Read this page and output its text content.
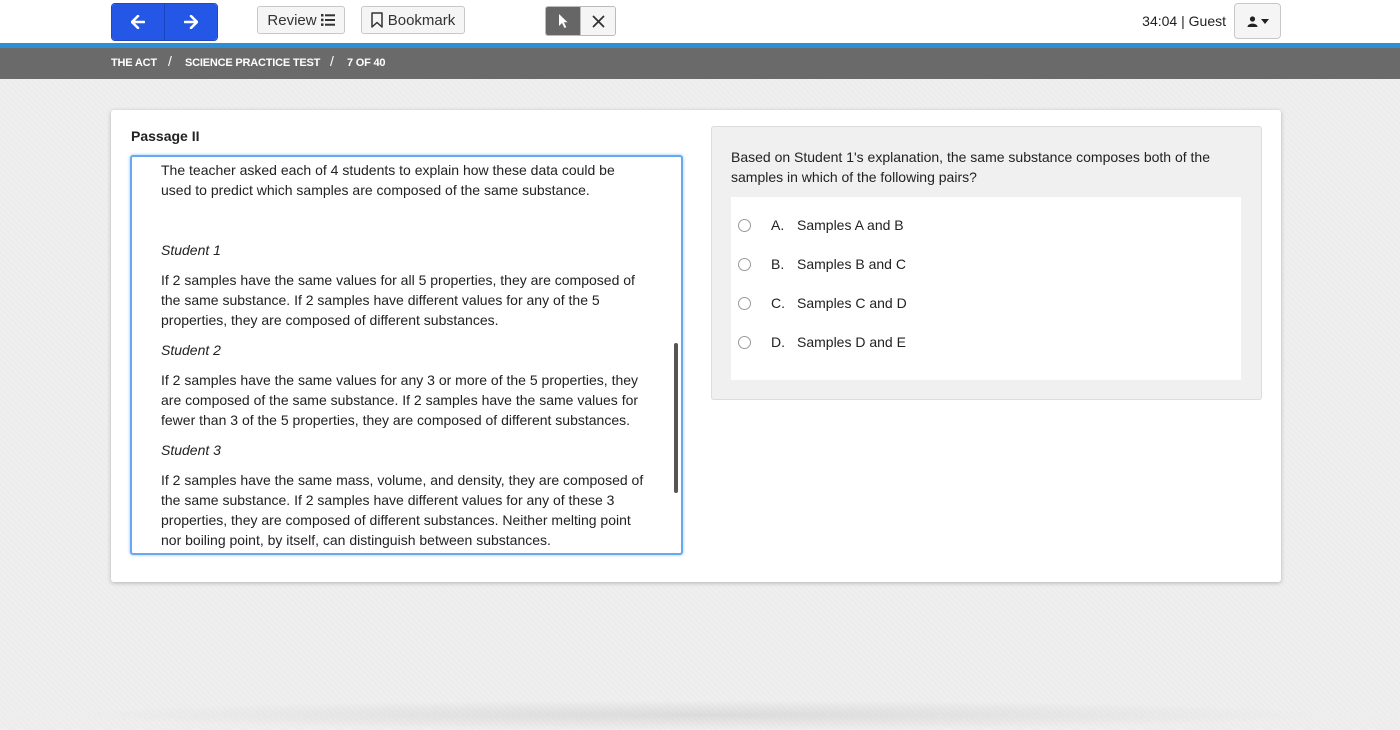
Review	Bookmark	34:04 | Guest
THE ACT / SCIENCE PRACTICE TEST / 7 OF 40
Passage II

The teacher asked each of 4 students to explain how these data could be used to predict which samples are composed of the same substance.

Student 1

If 2 samples have the same values for all 5 properties, they are composed of the same substance. If 2 samples have different values for any of the 5 properties, they are composed of different substances.

Student 2

If 2 samples have the same values for any 3 or more of the 5 properties, they are composed of the same substance. If 2 samples have the same values for fewer than 3 of the 5 properties, they are composed of different substances.

Student 3

If 2 samples have the same mass, volume, and density, they are composed of the same substance. If 2 samples have different values for any of these 3 properties, they are composed of different substances. Neither melting point nor boiling point, by itself, can distinguish between substances.

Based on Student 1's explanation, the same substance composes both of the samples in which of the following pairs?
A. Samples A and B
B. Samples B and C
C. Samples C and D
D. Samples D and E
